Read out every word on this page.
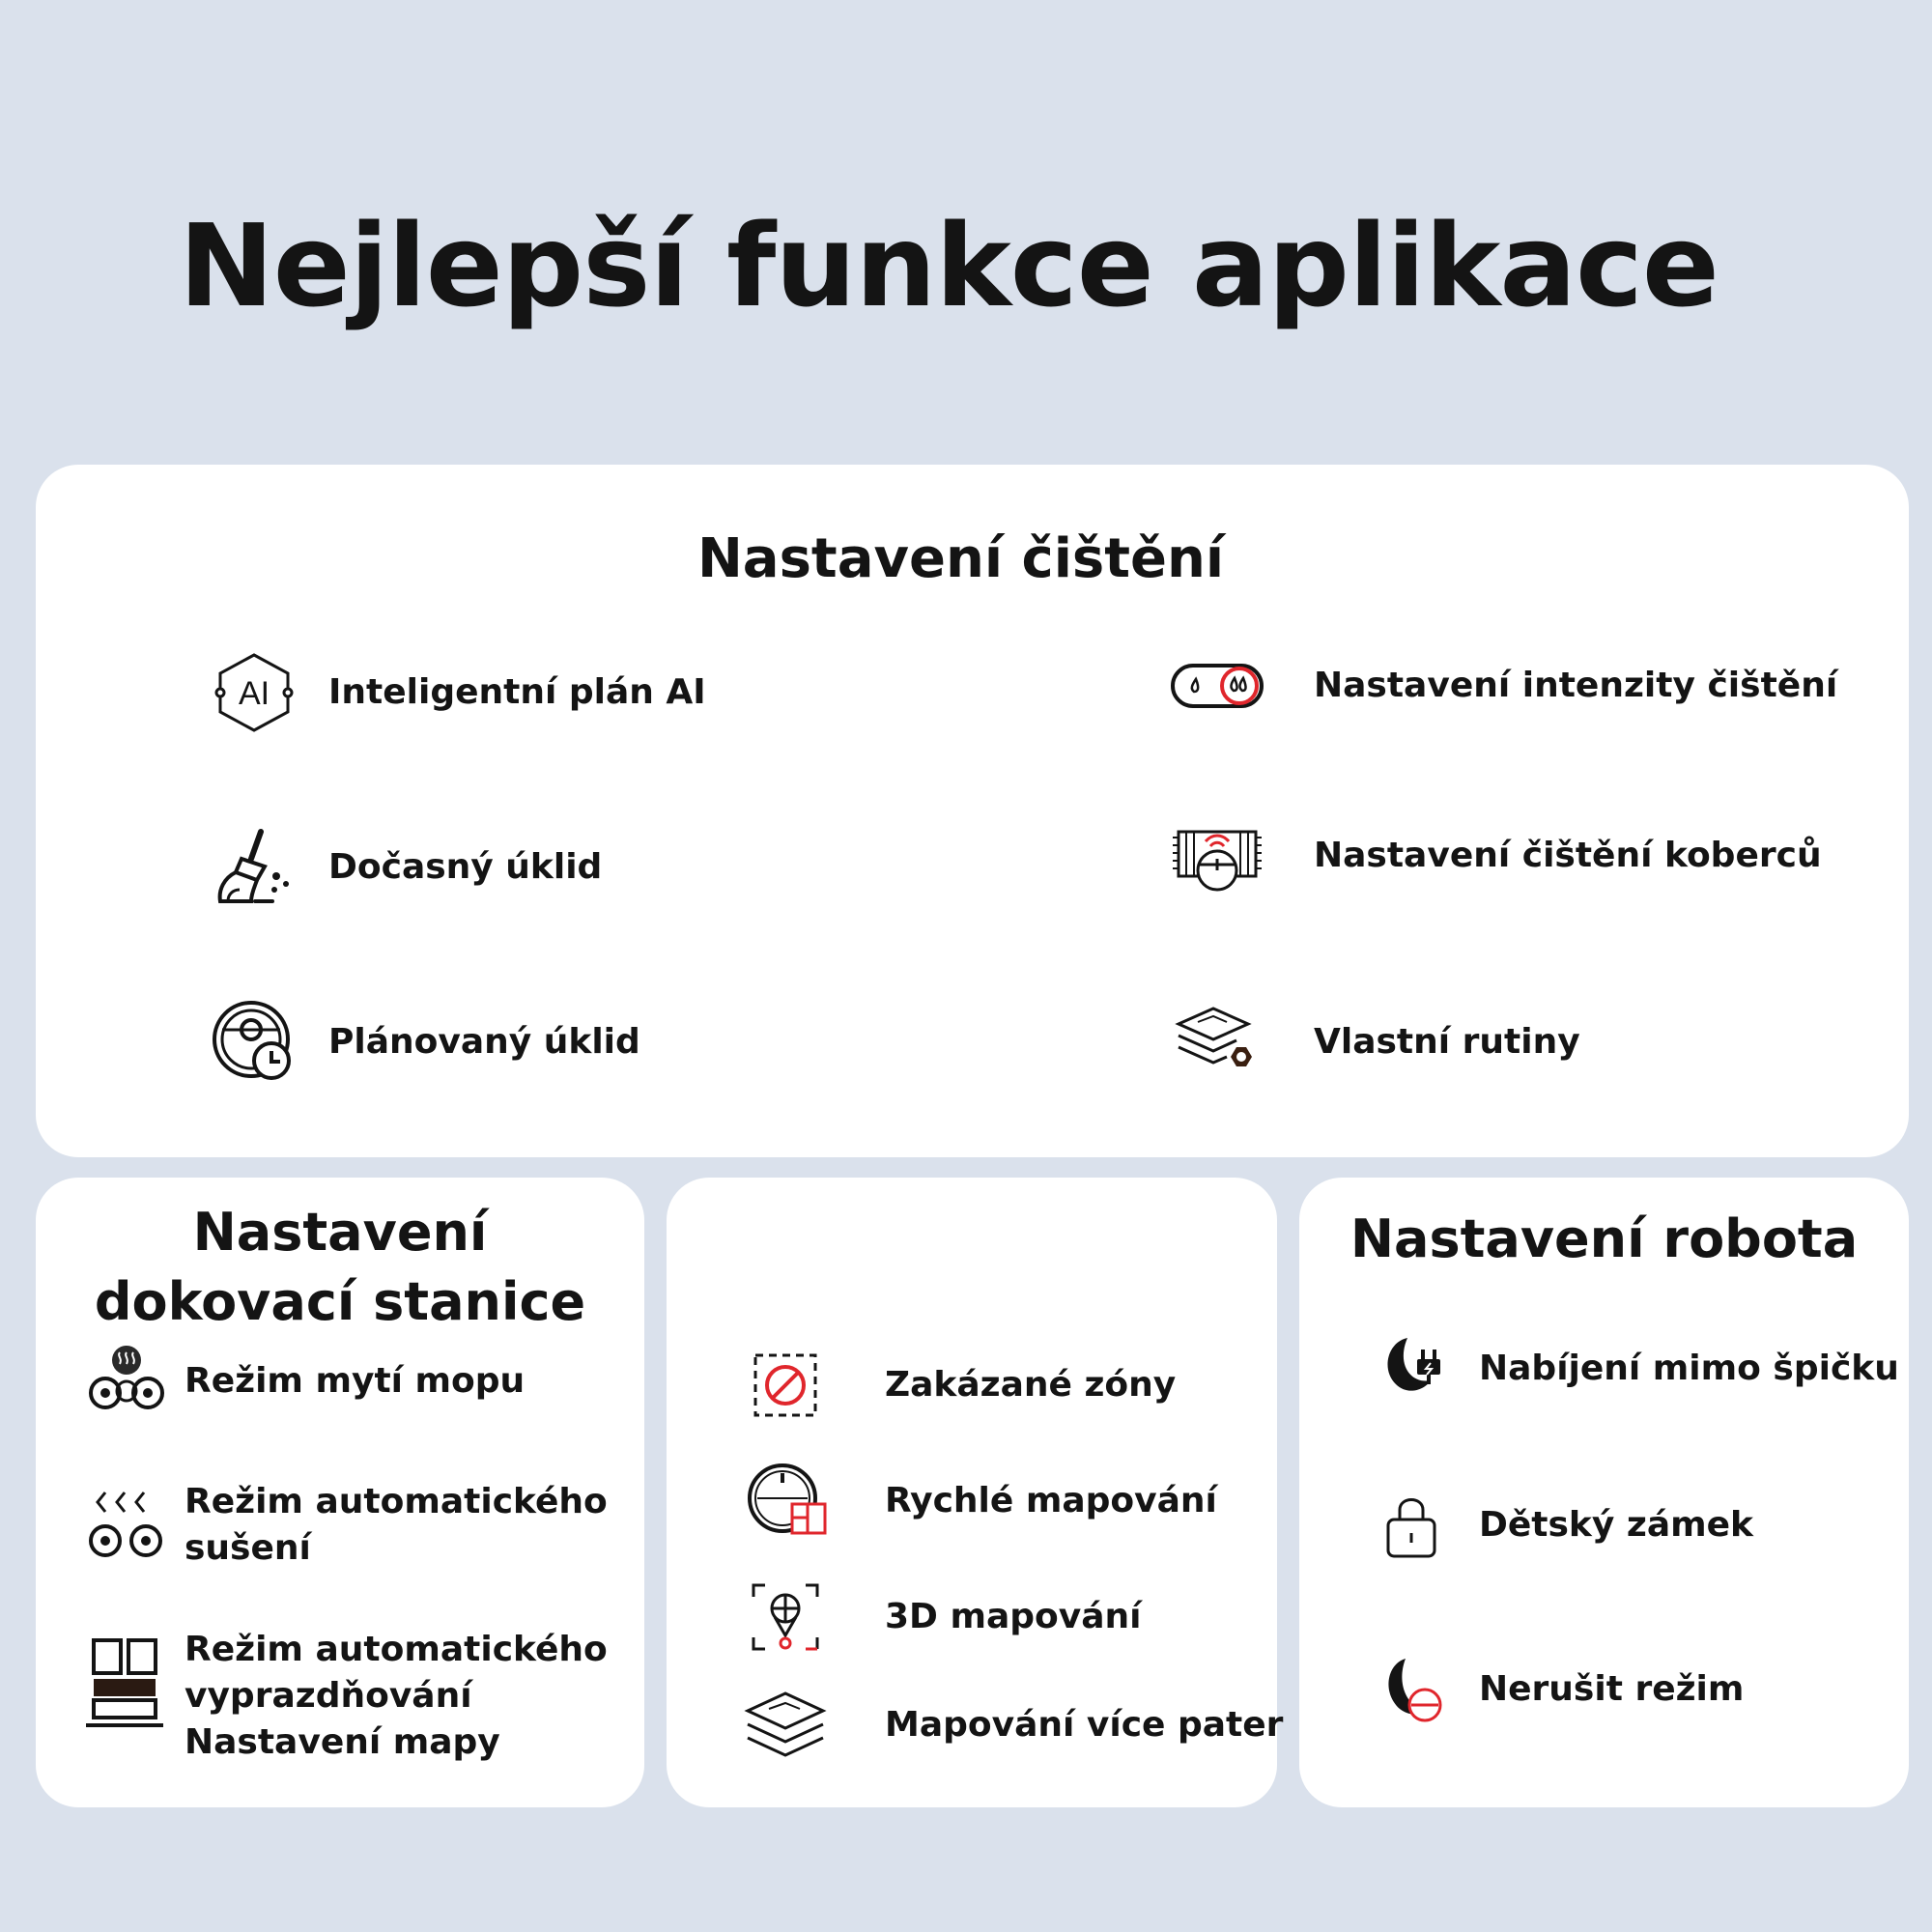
Nejlepší funkce aplikace
Nastavení čištění
AI Inteligentní plán AI
Dočasný úklid
Plánovaný úklid
Nastavení intenzity čištění
Nastavení čištění koberců
Vlastní rutiny
Nastavení
dokovací stanice
Režim mytí mopu
Režim automatického
sušení
Režim automatického
vyprazdňování
Nastavení mapy
Zakázané zóny
Rychlé mapování
3D mapování
Mapování více pater
Nastavení robota
Nabíjení mimo špičku
Dětský zámek
Nerušit režim
